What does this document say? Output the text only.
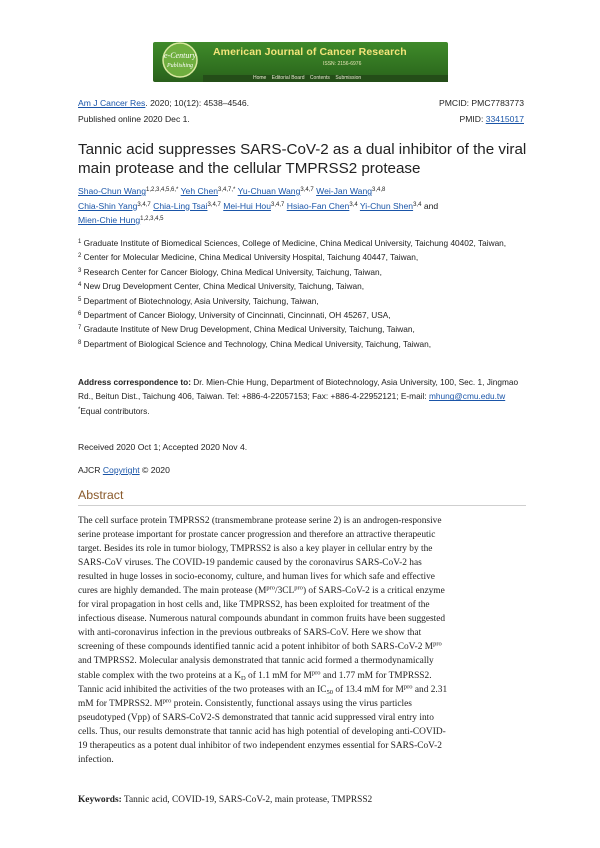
e-Century
Publishing
American Journal of Cancer Research
ISSN: 2156-6976
Home Editorial Board Contents Submission
Am J Cancer Res. 2020; 10(12): 4538–4546.	PMCID: PMC7783773
Published online 2020 Dec 1.	PMID: 33415017
Tannic acid suppresses SARS-CoV-2 as a dual inhibitor of the viral
main protease and the cellular TMPRSS2 protease
Shao-Chun Wang$^{1,2,3,4,5,6,*}$ Yeh Chen$^{3,4,7,*}$ Yu-Chuan Wang$^{3,4,7}$ Wei-Jan Wang$^{3,4,8}$
Chia-Shin Yang$^{3,4,7}$ Chia-Ling Tsai$^{3,4,7}$ Mei-Hui Hou$^{3,4,7}$ Hsiao-Fan Chen$^{3,4}$ Yi-Chun Shen$^{3,4}$ and
Mien-Chie Hung$^{1,2,3,4,5}$
$^1$ Graduate Institute of Biomedical Sciences, College of Medicine, China Medical University, Taichung 40402, Taiwan,
$^2$ Center for Molecular Medicine, China Medical University Hospital, Taichung 40447, Taiwan,
$^3$ Research Center for Cancer Biology, China Medical University, Taichung, Taiwan,
$^4$ New Drug Development Center, China Medical University, Taichung, Taiwan,
$^5$ Department of Biotechnology, Asia University, Taichung, Taiwan,
$^6$ Department of Cancer Biology, University of Cincinnati, Cincinnati, OH 45267, USA,
$^7$ Gradaute Institute of New Drug Development, China Medical University, Taichung, Taiwan,
$^8$ Department of Biological Science and Technology, China Medical University, Taichung, Taiwan,
Address correspondence to: Dr. Mien-Chie Hung, Department of Biotechnology, Asia University, 100, Sec. 1, Jingmao Rd., Beitun Dist., Taichung 406, Taiwan. Tel: +886-4-22057153; Fax: +886-4-22952121; E-mail: mhung@cmu.edu.tw
*Equal contributors.
Received 2020 Oct 1; Accepted 2020 Nov 4.
AJCR Copyright © 2020
Abstract
The cell surface protein TMPRSS2 (transmembrane protease serine 2) is an androgen-responsive
serine protease important for prostate cancer progression and therefore an attractive therapeutic
target. Besides its role in tumor biology, TMPRSS2 is also a key player in cellular entry by the
SARS-CoV viruses. The COVID-19 pandemic caused by the coronavirus SARS-CoV-2 has
resulted in huge losses in socio-economy, culture, and human lives for which safe and effective
cures are highly demanded. The main protease $(M^{pro}/3CL^{pro})$ of SARS-CoV-2 is a critical enzyme
for viral propagation in host cells and, like TMPRSS2, has been exploited for treatment of the
infectious disease. Numerous natural compounds abundant in common fruits have been suggested
with anti-coronavirus infection in the previous outbreaks of SARS-CoV. Here we show that
screening of these compounds identified tannic acid a potent inhibitor of both SARS-CoV-2 $M^{pro}$
and TMPRSS2. Molecular analysis demonstrated that tannic acid formed a thermodynamically
stable complex with the two proteins at a $K_D$ of 1.1 mM for $M^{pro}$ and 1.77 mM for TMPRSS2.
Tannic acid inhibited the activities of the two proteases with an $IC_{50}$ of 13.4 mM for $M^{pro}$ and 2.31
mM for TMPRSS2. $M^{pro}$ protein. Consistently, functional assays using the virus particles
pseudotyped (Vpp) of SARS-CoV2-S demonstrated that tannic acid suppressed viral entry into
cells. Thus, our results demonstrate that tannic acid has high potential of developing anti-COVID-
19 therapeutics as a potent dual inhibitor of two independent enzymes essential for SARS-CoV-2
infection.
Keywords: Tannic acid, COVID-19, SARS-CoV-2, main protease, TMPRSS2
